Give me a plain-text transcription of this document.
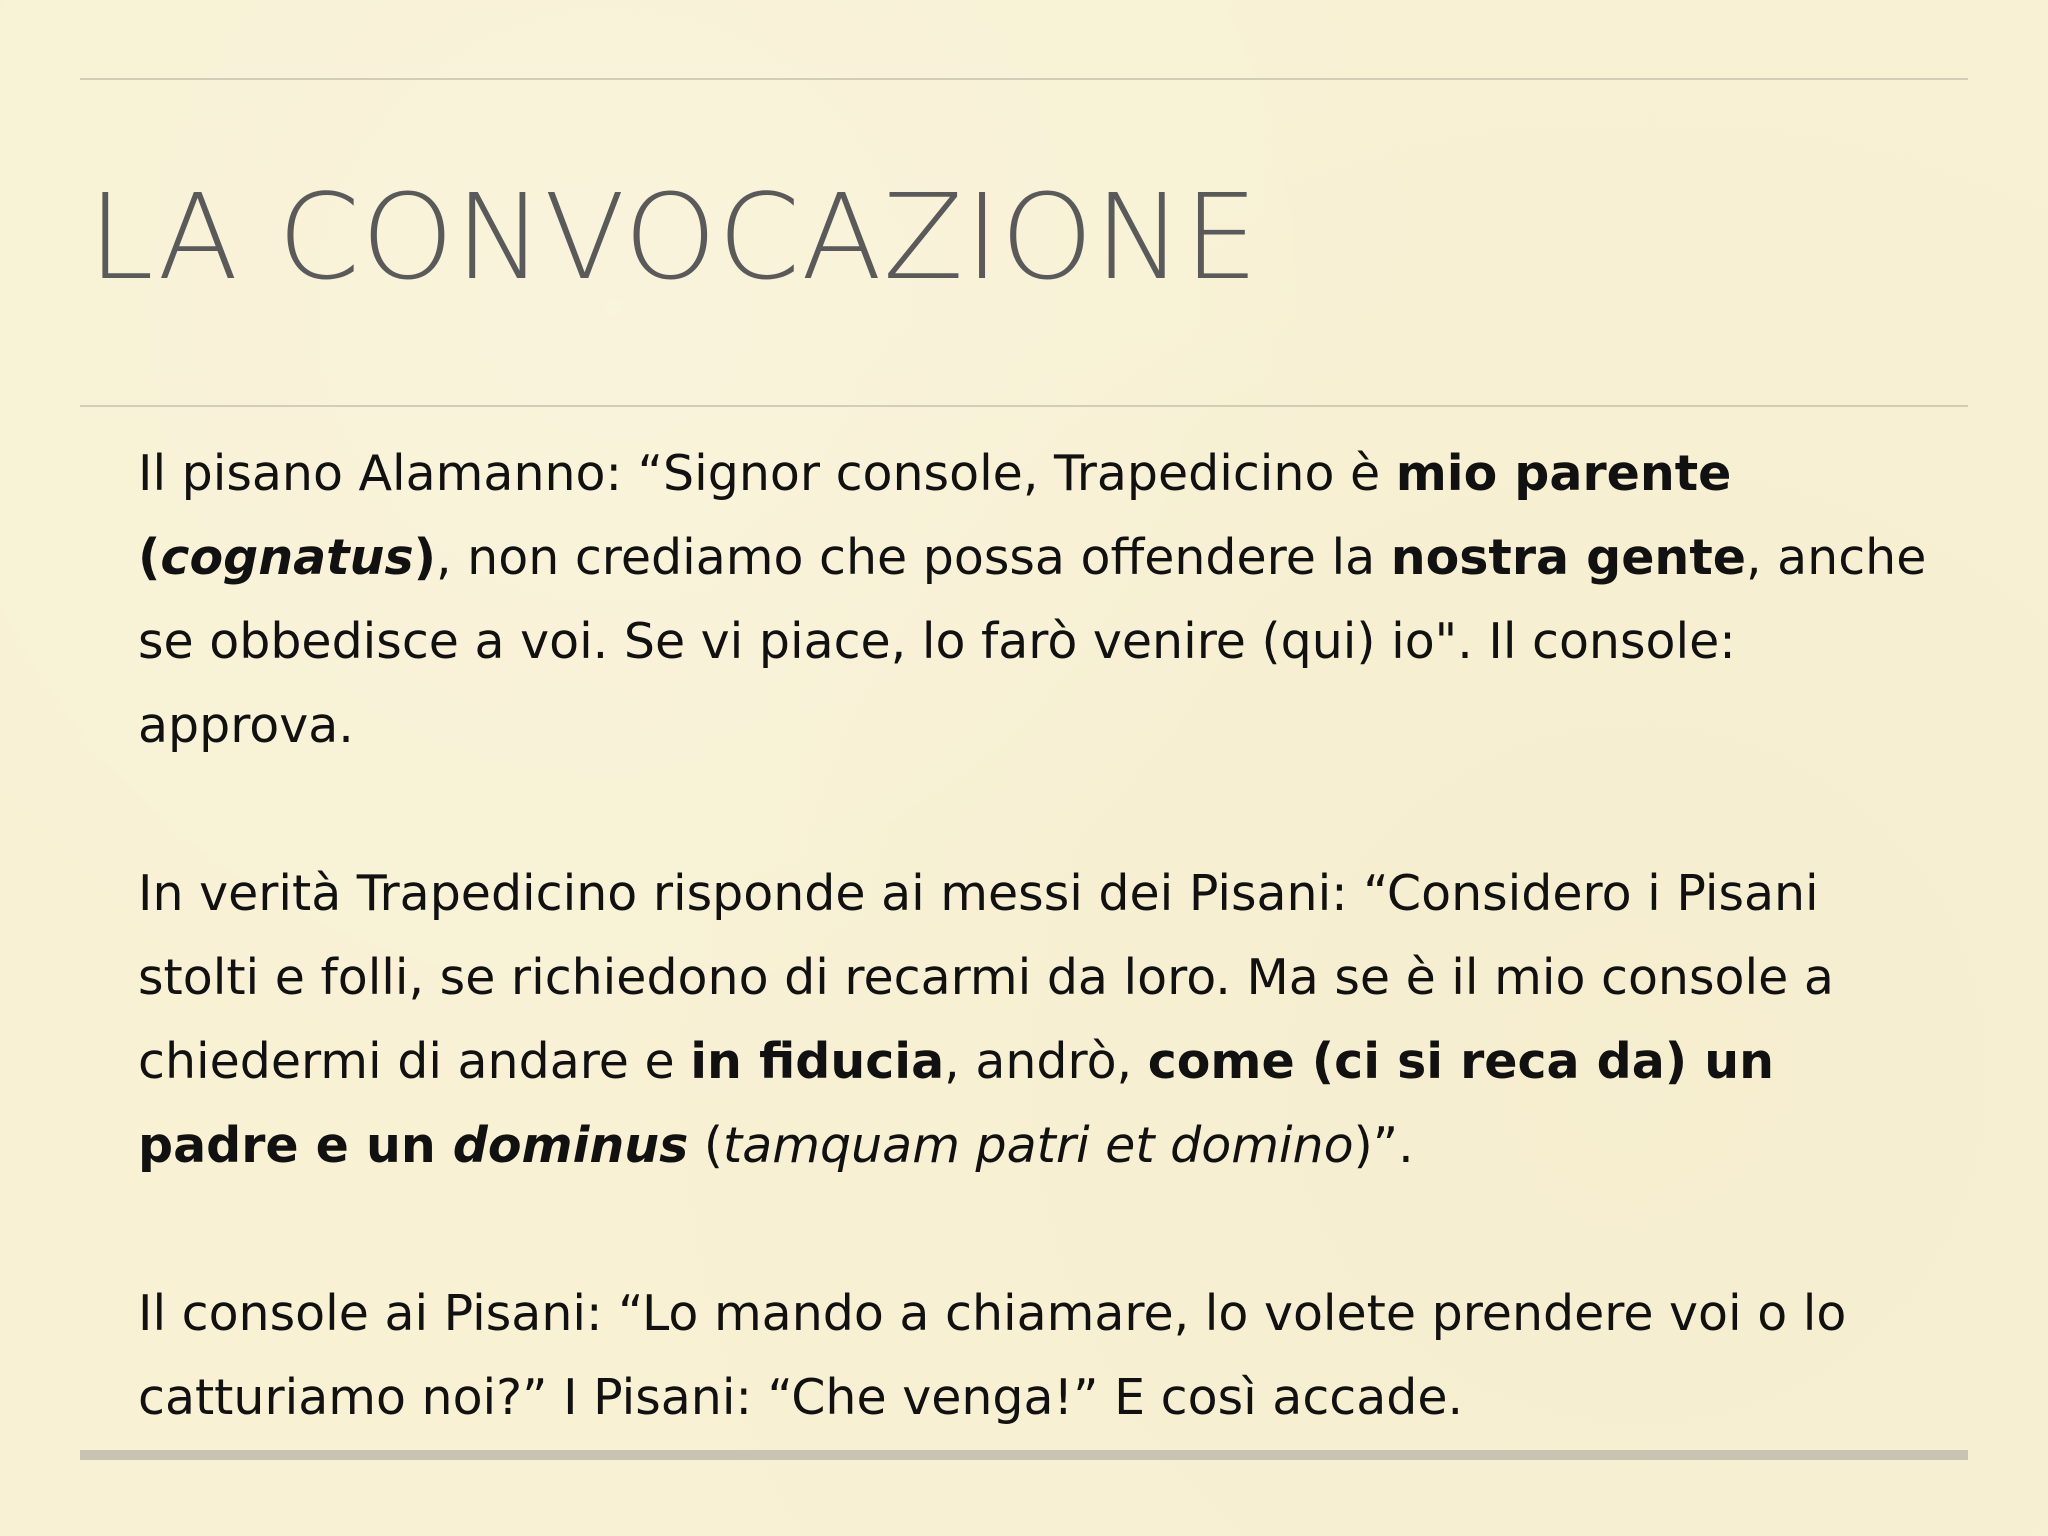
LA CONVOCAZIONE

Il pisano Alamanno: “Signor console, Trapedicino è mio parente (cognatus), non crediamo che possa offendere la nostra gente, anche se obbedisce a voi. Se vi piace, lo farò venire (qui) io". Il console: approva.

In verità Trapedicino risponde ai messi dei Pisani: “Considero i Pisani stolti e folli, se richiedono di recarmi da loro. Ma se è il mio console a chiedermi di andare e in fiducia, andrò, come (ci si reca da) un padre e un dominus (tamquam patri et domino)”.

Il console ai Pisani: “Lo mando a chiamare, lo volete prendere voi o lo catturiamo noi?” I Pisani: “Che venga!” E così accade.
